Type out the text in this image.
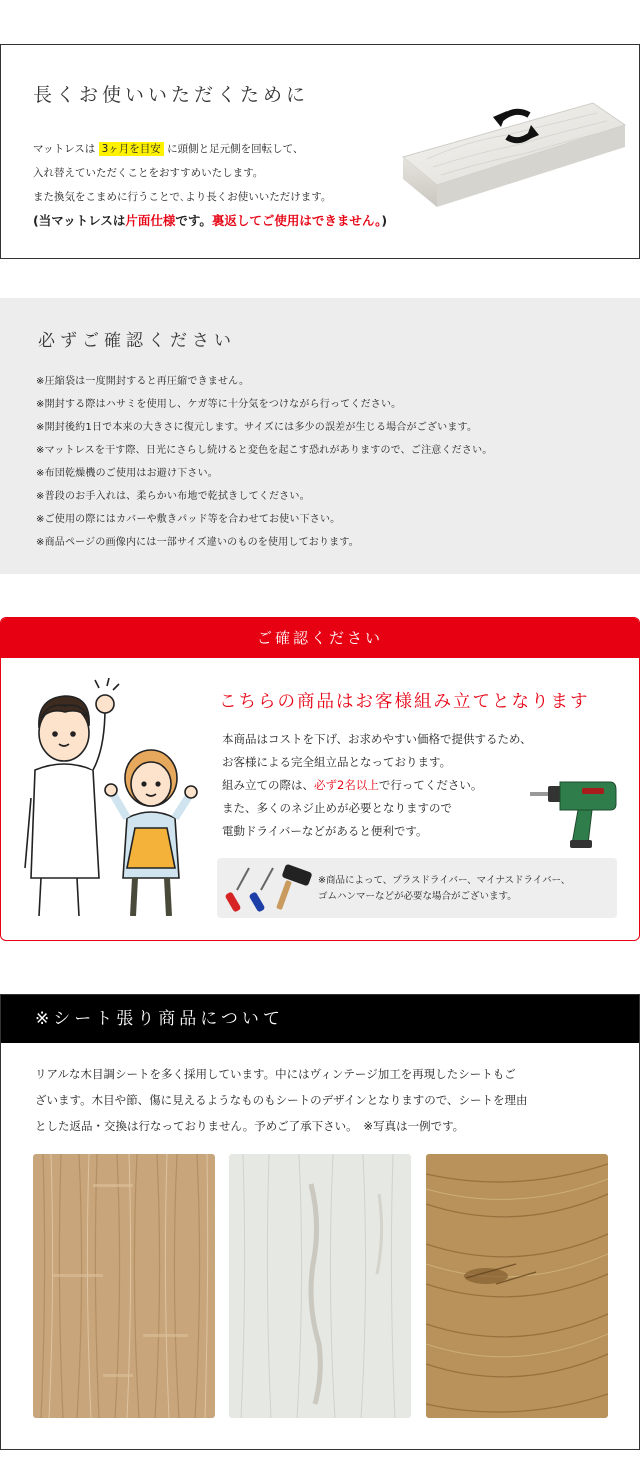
長くお使いいただくために
マットレスは 3ヶ月を目安 に頭側と足元側を回転して、
入れ替えていただくことをおすすめいたします。
また換気をこまめに行うことで､より長くお使いいただけます。
(当マットレスは片面仕様です。裏返してご使用はできません。)
必ずご確認ください
※圧縮袋は一度開封すると再圧縮できません。
※開封する際はハサミを使用し、ケガ等に十分気をつけながら行ってください。
※開封後約1日で本来の大きさに復元します。サイズには多少の誤差が生じる場合がございます。
※マットレスを干す際、日光にさらし続けると変色を起こす恐れがありますので、ご注意ください。
※布団乾燥機のご使用はお避け下さい。
※普段のお手入れは、柔らかい布地で乾拭きしてください。
※ご使用の際にはカバーや敷きパッド等を合わせてお使い下さい。
※商品ページの画像内には一部サイズ違いのものを使用しております。
ご確認ください
こちらの商品はお客様組み立てとなります
本商品はコストを下げ、お求めやすい価格で提供するため、
お客様による完全組立品となっております。
組み立ての際は、必ず2名以上で行ってください。
また、多くのネジ止めが必要となりますので
電動ドライバーなどがあると便利です。
※商品によって、プラスドライバー、マイナスドライバー、
ゴムハンマーなどが必要な場合がございます。
※シート張り商品について
リアルな木目調シートを多く採用しています。中にはヴィンテージ加工を再現したシートもご
ざいます。木目や節、傷に見えるようなものもシートのデザインとなりますので、シートを理由
とした返品・交換は行なっておりません。予めご了承下さい。　※写真は一例です。
